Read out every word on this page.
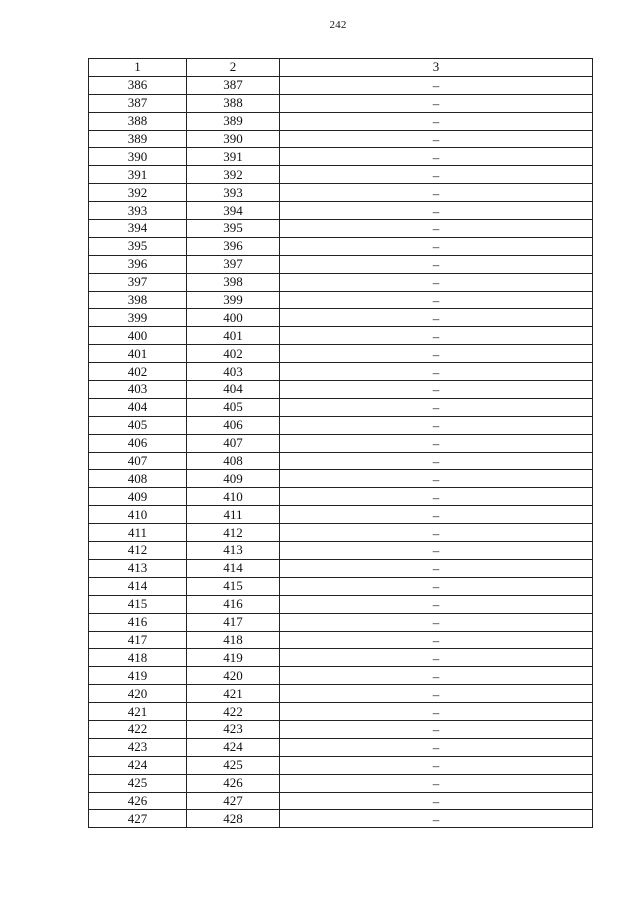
242
1	2	3
386	387	–
387	388	–
388	389	–
389	390	–
390	391	–
391	392	–
392	393	–
393	394	–
394	395	–
395	396	–
396	397	–
397	398	–
398	399	–
399	400	–
400	401	–
401	402	–
402	403	–
403	404	–
404	405	–
405	406	–
406	407	–
407	408	–
408	409	–
409	410	–
410	411	–
411	412	–
412	413	–
413	414	–
414	415	–
415	416	–
416	417	–
417	418	–
418	419	–
419	420	–
420	421	–
421	422	–
422	423	–
423	424	–
424	425	–
425	426	–
426	427	–
427	428	–
